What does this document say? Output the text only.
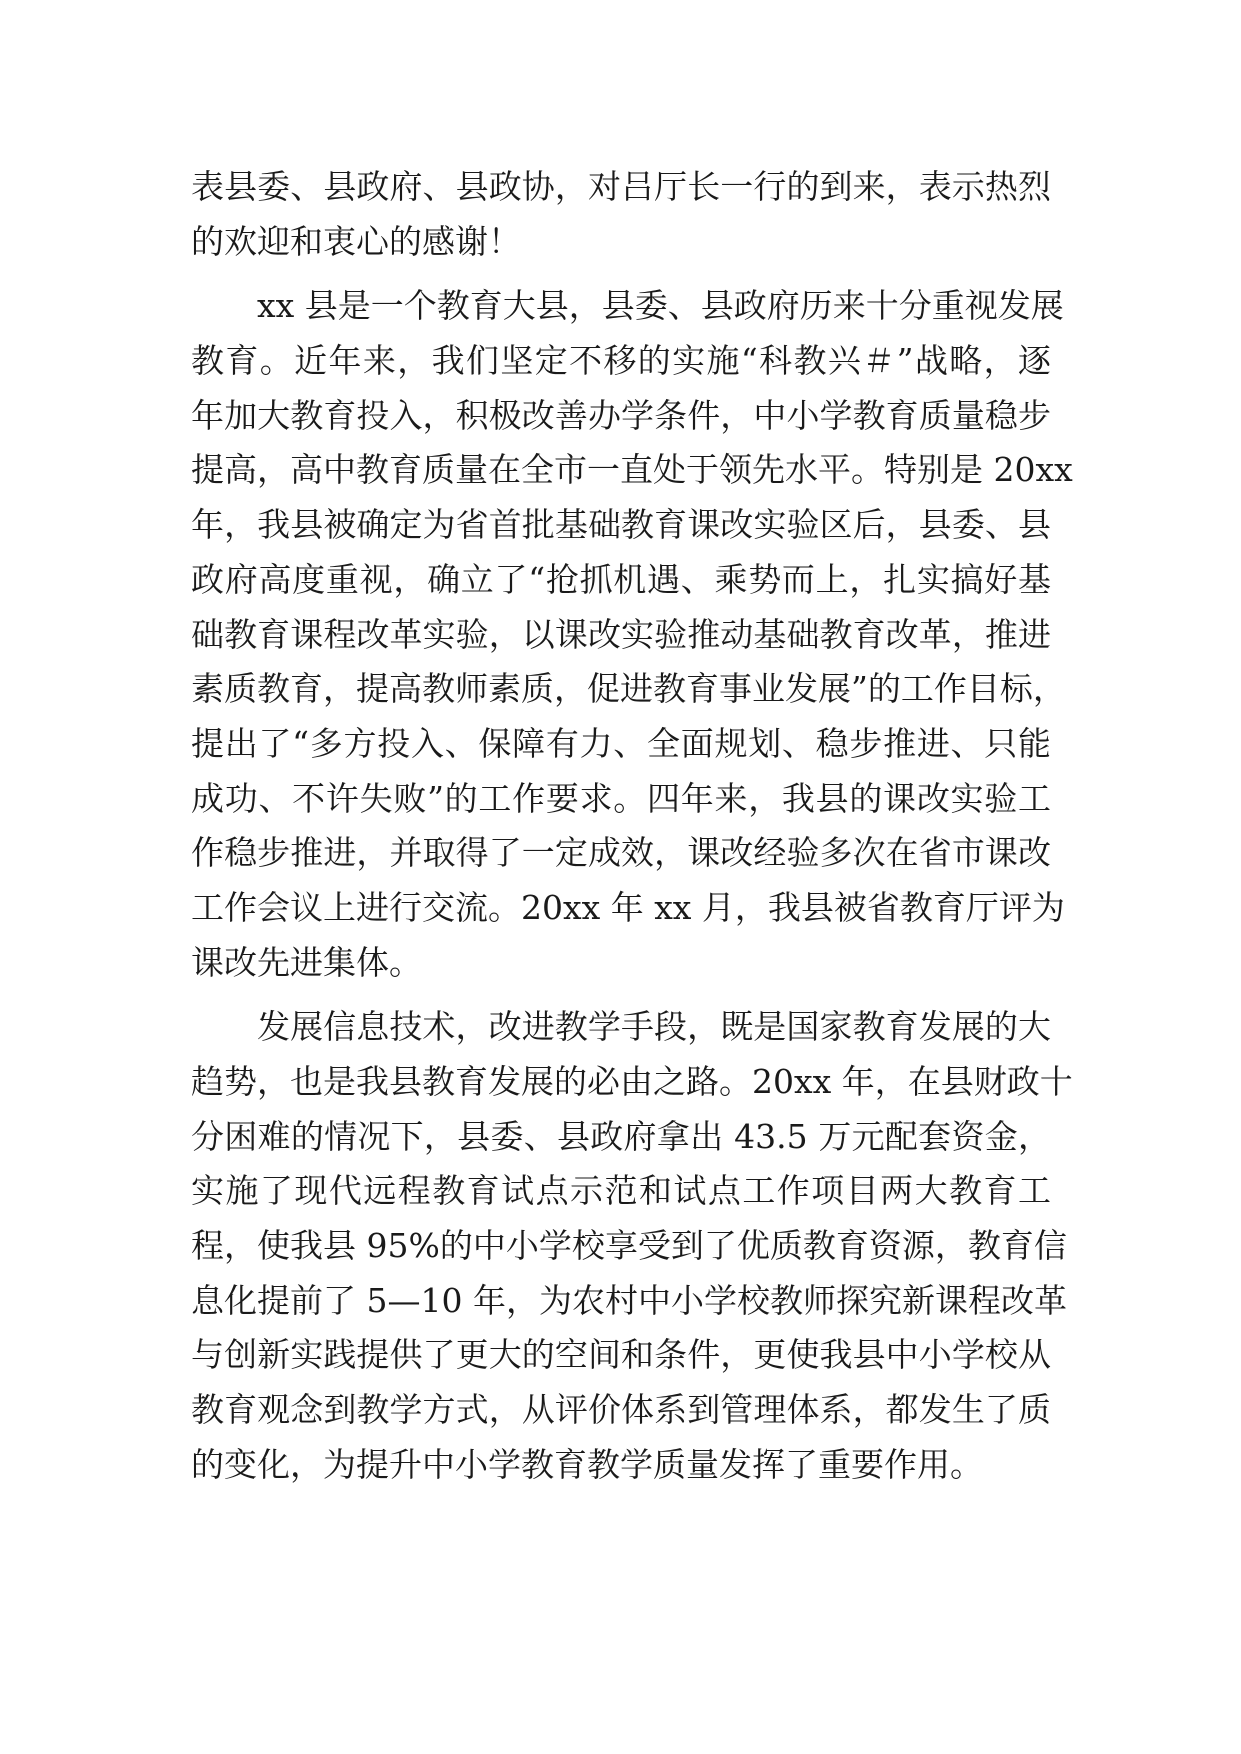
表县委、县政府、县政协，对吕厅长一行的到来，表示热烈
的欢迎和衷心的感谢！
xx 县是一个教育大县，县委、县政府历来十分重视发展
教育。近年来，我们坚定不移的实施“科教兴＃”战略，逐
年加大教育投入，积极改善办学条件，中小学教育质量稳步
提高，高中教育质量在全市一直处于领先水平。特别是 20xx
年，我县被确定为省首批基础教育课改实验区后，县委、县
政府高度重视，确立了“抢抓机遇、乘势而上，扎实搞好基
础教育课程改革实验，以课改实验推动基础教育改革，推进
素质教育，提高教师素质，促进教育事业发展”的工作目标，
提出了“多方投入、保障有力、全面规划、稳步推进、只能
成功、不许失败”的工作要求。四年来，我县的课改实验工
作稳步推进，并取得了一定成效，课改经验多次在省市课改
工作会议上进行交流。20xx 年 xx 月，我县被省教育厅评为
课改先进集体。
发展信息技术，改进教学手段，既是国家教育发展的大
趋势，也是我县教育发展的必由之路。20xx 年，在县财政十
分困难的情况下，县委、县政府拿出 43.5 万元配套资金，
实施了现代远程教育试点示范和试点工作项目两大教育工
程，使我县 95%的中小学校享受到了优质教育资源，教育信
息化提前了 5—10 年，为农村中小学校教师探究新课程改革
与创新实践提供了更大的空间和条件，更使我县中小学校从
教育观念到教学方式，从评价体系到管理体系，都发生了质
的变化，为提升中小学教育教学质量发挥了重要作用。
